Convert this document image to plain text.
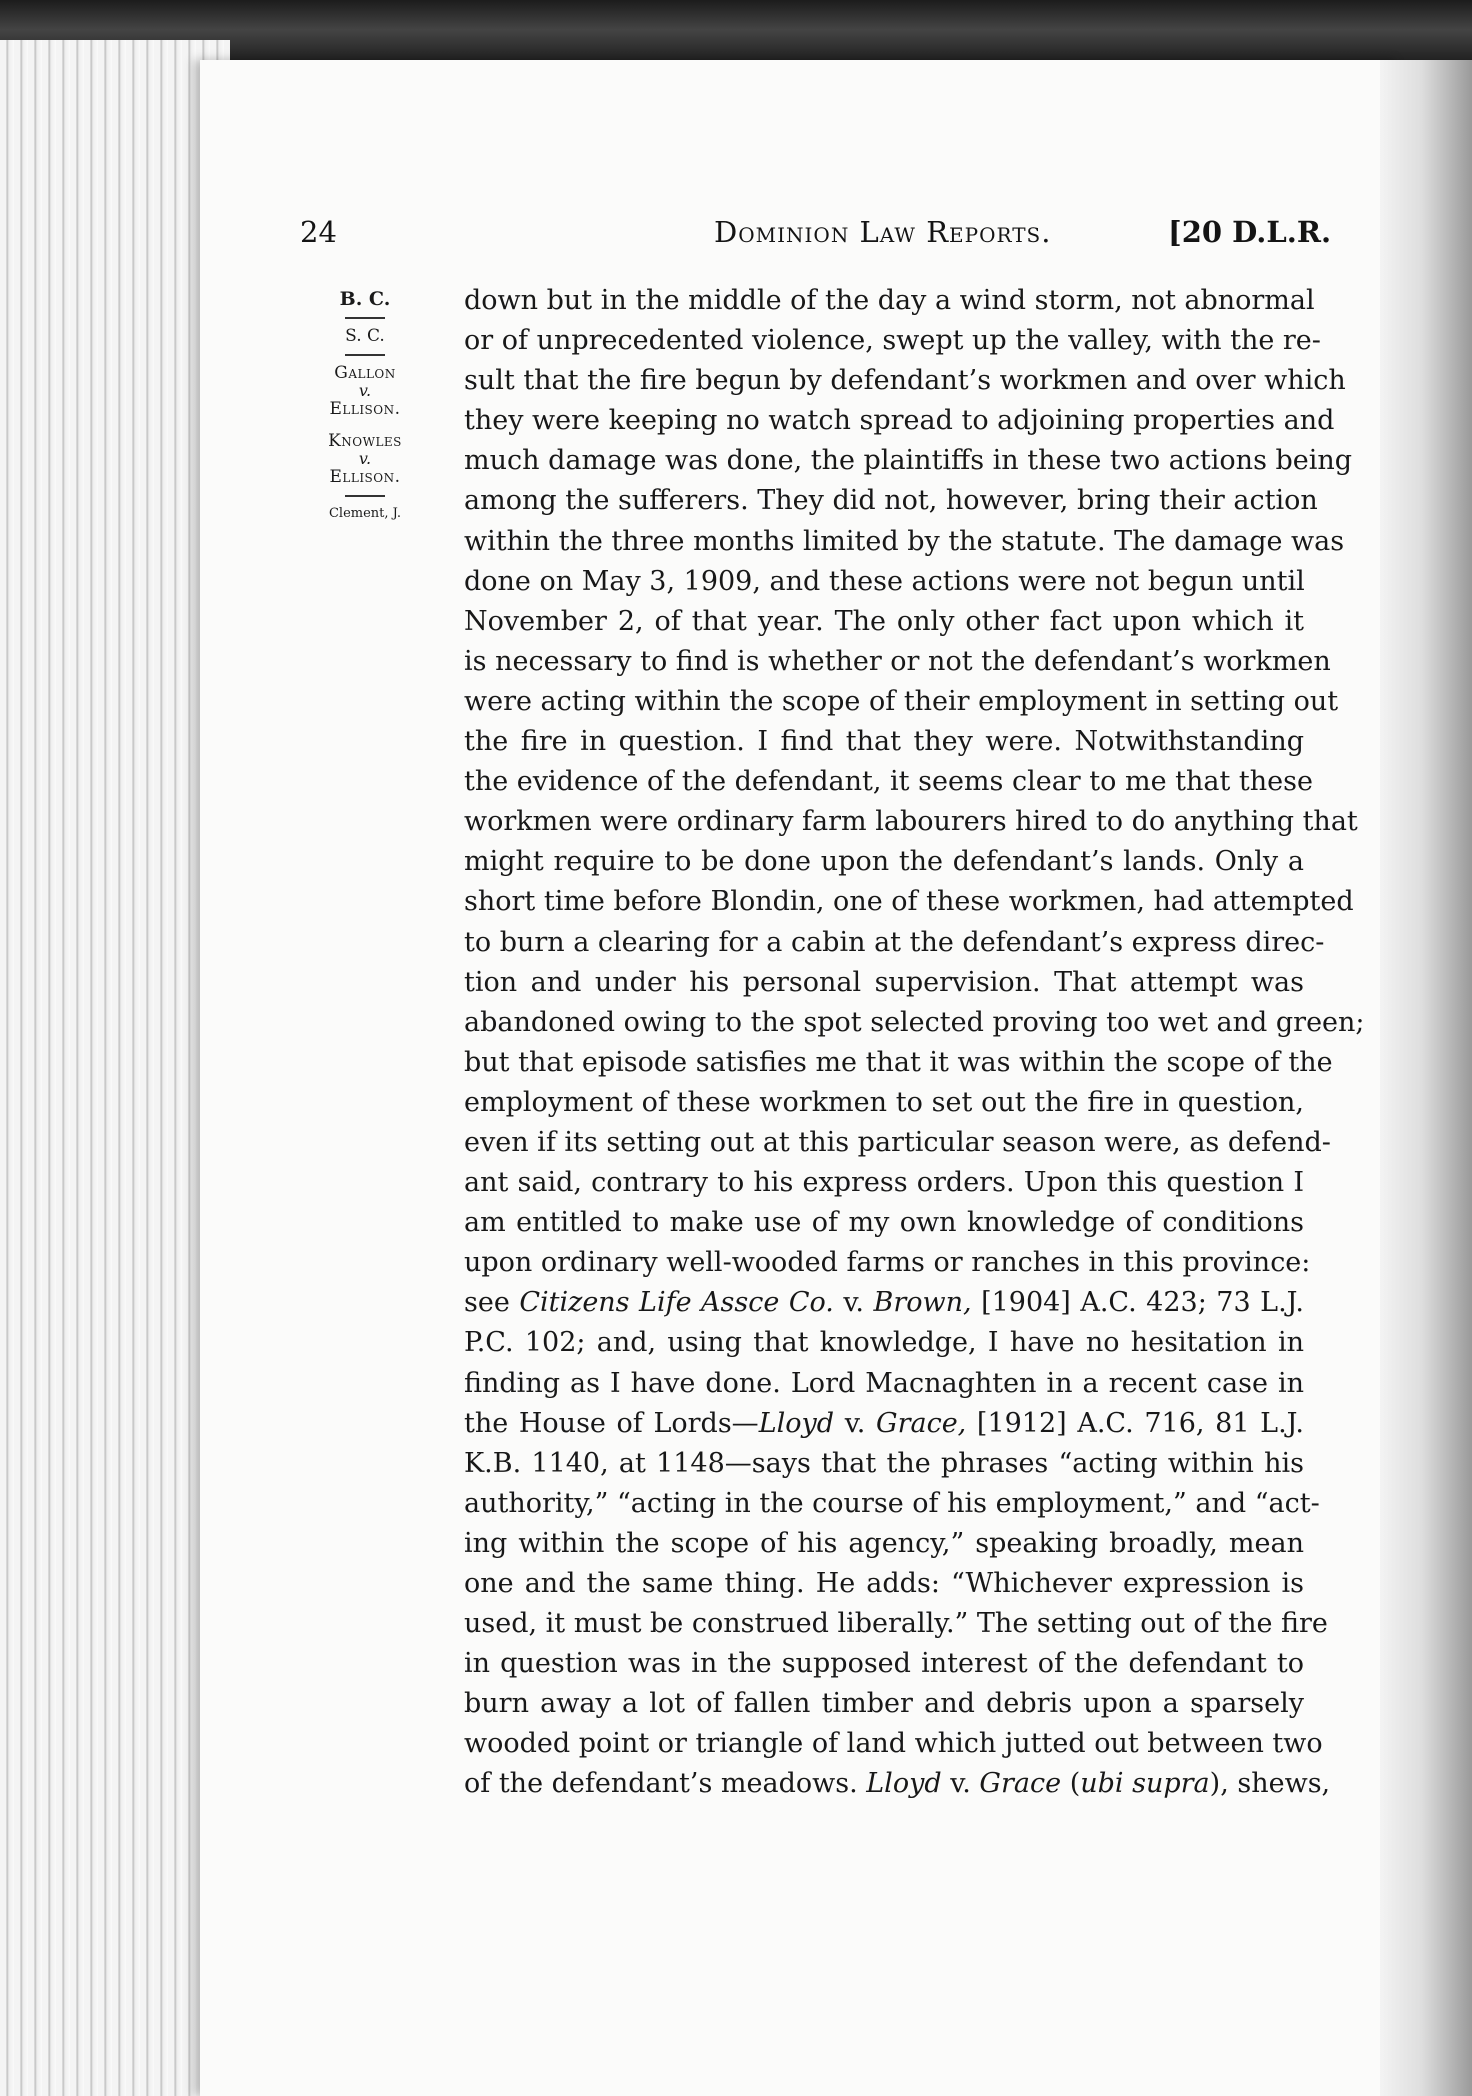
24	Dominion Law Reports.	[20 D.L.R.
B. C.
S. C.
Gallon
v.
Ellison.
Knowles
v.
Ellison.
Clement, J.
down but in the middle of the day a wind storm, not abnormal
or of unprecedented violence, swept up the valley, with the re-
sult that the fire begun by defendant’s workmen and over which
they were keeping no watch spread to adjoining properties and
much damage was done, the plaintiffs in these two actions being
among the sufferers. They did not, however, bring their action
within the three months limited by the statute. The damage was
done on May 3, 1909, and these actions were not begun until
November 2, of that year. The only other fact upon which it
is necessary to find is whether or not the defendant’s workmen
were acting within the scope of their employment in setting out
the fire in question. I find that they were. Notwithstanding
the evidence of the defendant, it seems clear to me that these
workmen were ordinary farm labourers hired to do anything that
might require to be done upon the defendant’s lands. Only a
short time before Blondin, one of these workmen, had attempted
to burn a clearing for a cabin at the defendant’s express direc-
tion and under his personal supervision. That attempt was
abandoned owing to the spot selected proving too wet and green;
but that episode satisfies me that it was within the scope of the
employment of these workmen to set out the fire in question,
even if its setting out at this particular season were, as defend-
ant said, contrary to his express orders. Upon this question I
am entitled to make use of my own knowledge of conditions
upon ordinary well-wooded farms or ranches in this province:
see Citizens Life Assce Co. v. Brown, [1904] A.C. 423; 73 L.J.
P.C. 102; and, using that knowledge, I have no hesitation in
finding as I have done. Lord Macnaghten in a recent case in
the House of Lords—Lloyd v. Grace, [1912] A.C. 716, 81 L.J.
K.B. 1140, at 1148—says that the phrases “acting within his
authority,” “acting in the course of his employment,” and “act-
ing within the scope of his agency,” speaking broadly, mean
one and the same thing. He adds: “Whichever expression is
used, it must be construed liberally.” The setting out of the fire
in question was in the supposed interest of the defendant to
burn away a lot of fallen timber and debris upon a sparsely
wooded point or triangle of land which jutted out between two
of the defendant’s meadows. Lloyd v. Grace (ubi supra), shews,
